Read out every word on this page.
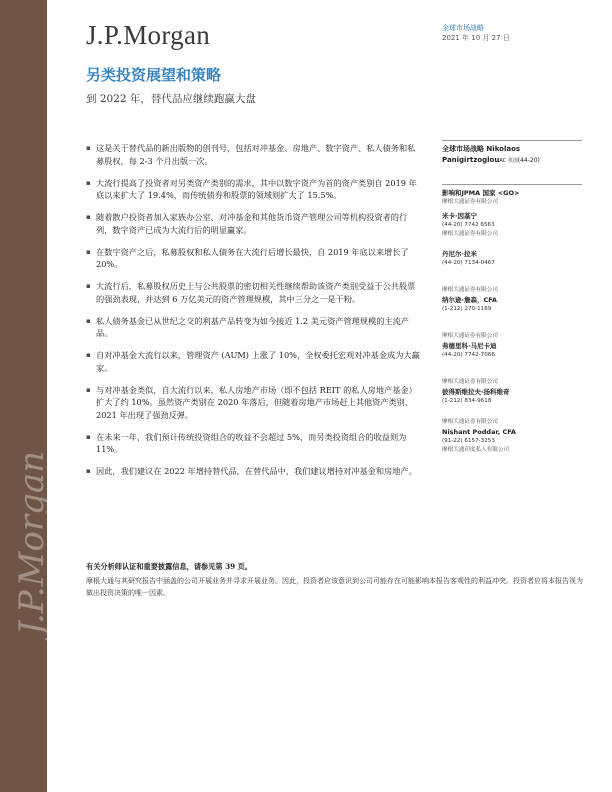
J.P.Morgan
J.P.Morgan	全球市场战略
2021 年 10 月 27 日
另类投资展望和策略
到 2022 年，替代品应继续跑赢大盘
▪ 这是关于替代品的新出版物的创刊号，包括对冲基金、房地产、数字资产、私人债务和私募股权，每 2-3 个月出版一次。
▪ 大流行提高了投资者对另类资产类别的需求，其中以数字资产为首的资产类别自 2019 年底以来扩大了 19.4%，而传统债券和股票的领域则扩大了 15.5%。
▪ 随着散户投资者加入家族办公室、对冲基金和其他货币资产管理公司等机构投资者的行列，数字资产已成为大流行后的明显赢家。
▪ 在数字资产之后，私募股权和私人债务在大流行后增长最快，自 2019 年底以来增长了 20%。
▪ 大流行后，私募股权历史上与公共股票的密切相关性继续帮助该资产类别受益于公共股票的强劲表现，并达到 6 万亿美元的资产管理规模，其中三分之一是干粉。
▪ 私人债务基金已从世纪之交的利基产品转变为如今接近 1.2 美元资产管理规模的主流产品。
▪ 自对冲基金大流行以来，管理资产 (AUM) 上涨了 10%，全权委托宏观对冲基金成为大赢家。
▪ 与对冲基金类似，自大流行以来，私人房地产市场（即不包括 REIT 的私人房地产基金）扩大了约 10%。虽然资产类别在 2020 年落后，但随着房地产市场赶上其他资产类别，2021 年出现了强劲反弹。
▪ 在未来一年，我们预计传统投资组合的收益不会超过 5%，而另类投资组合的收益则为 11%。
▪ 因此，我们建议在 2022 年增持替代品，在替代品中，我们建议增持对冲基金和房地产。
全球市场战略 Nikolaos
PanigirtzoglouAC 英国(44-20)
影响和JPMA 国家 <GO>
摩根大通证券有限公司
米卡·因基宁
(44-20) 7742 6563
摩根大通证券有限公司
丹尼尔·拉米
(44-20) 7134-0467
摩根大通证券有限公司
纳尔逊·詹森，CFA
(1-212) 270-1169
摩根大通证券有限公司
弗德里科·马尼卡迪
(44-20) 7742-7066
摩根大通证券有限公司
彼得斯维拉夫·扬科维奇
(1-212) 834-9618
摩根大通证券有限公司
Nishant Poddar, CFA
(91-22) 6157-3253
摩根大通印度私人有限公司
有关分析师认证和重要披露信息，请参见第 39 页。
摩根大通与其研究报告中涵盖的公司开展业务并寻求开展业务。因此，投资者应该意识到公司可能存在可能影响本报告客观性的利益冲突。投资者应将本报告视为做出投资决策的唯一因素。
